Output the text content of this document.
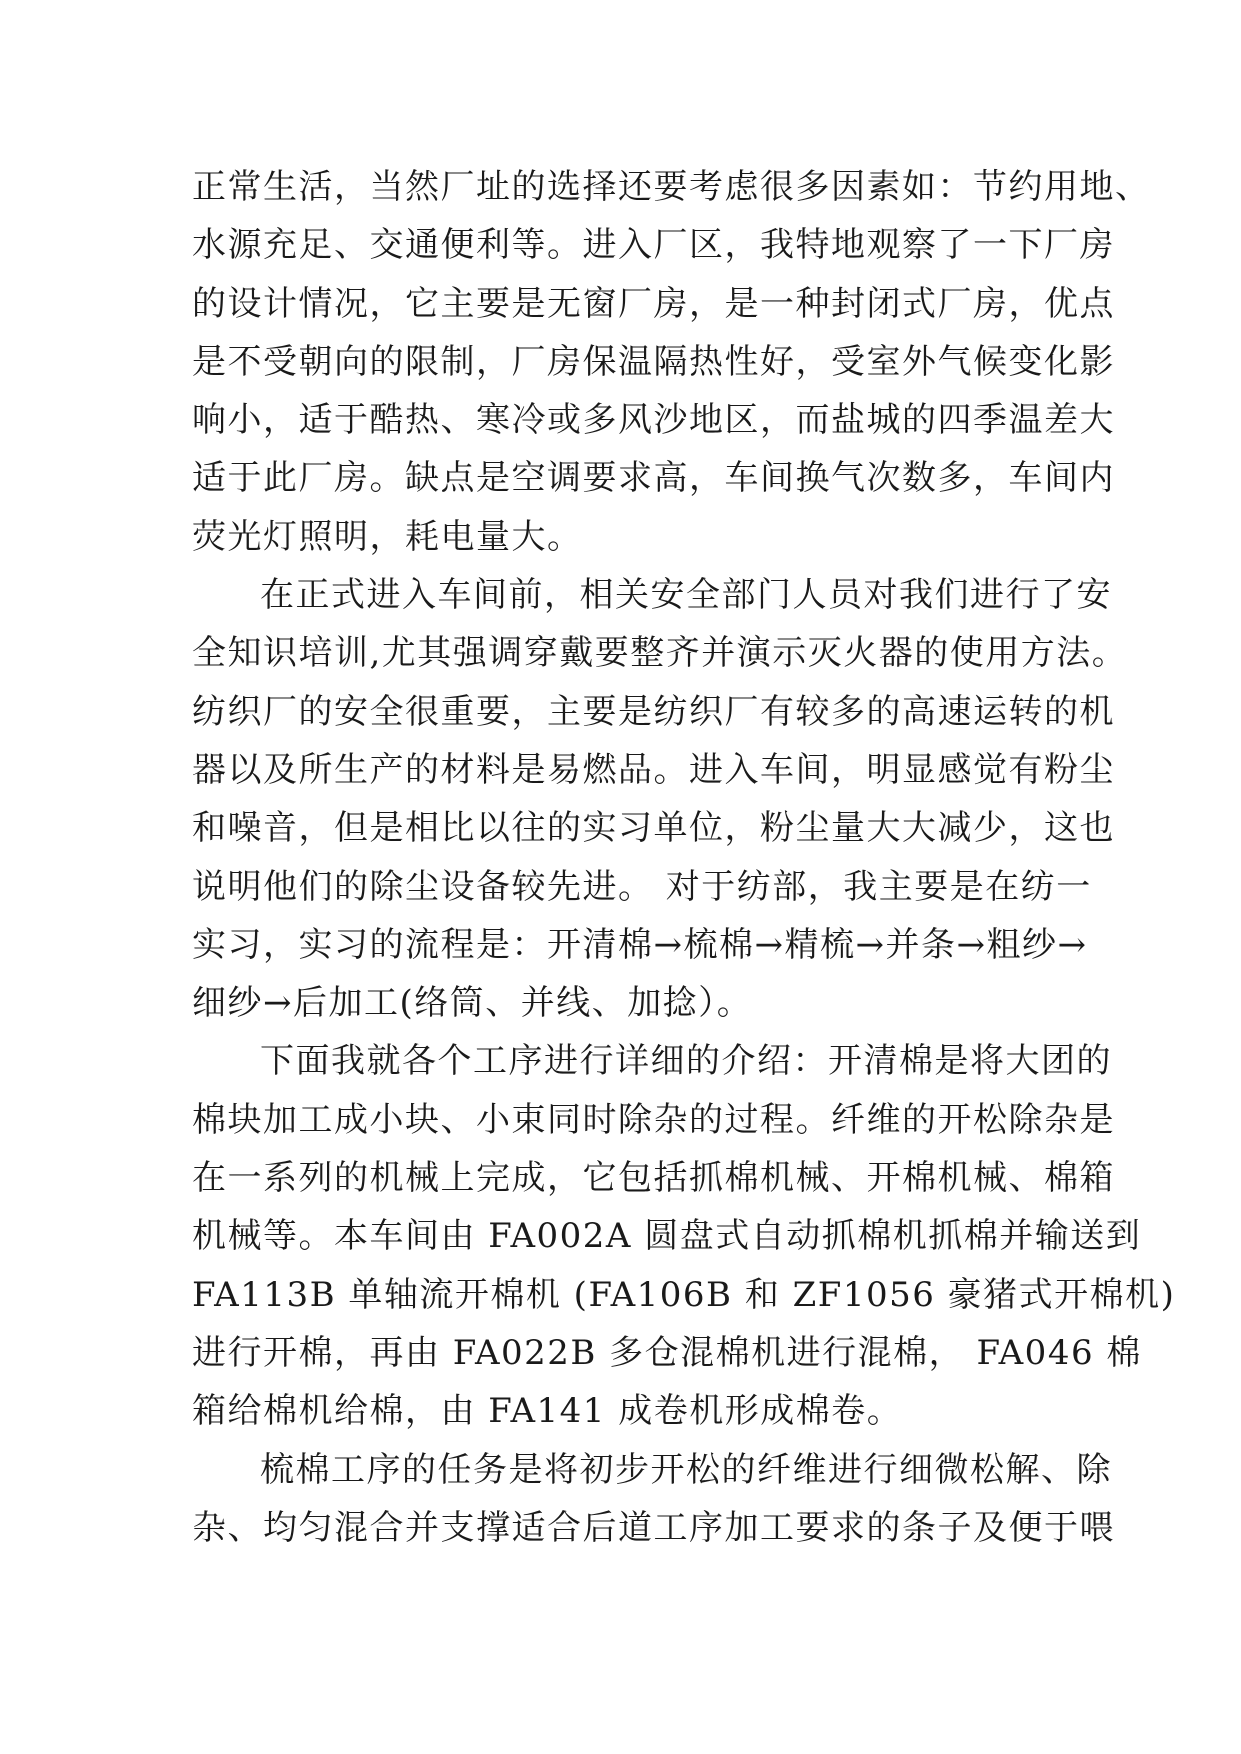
正常生活，当然厂址的选择还要考虑很多因素如：节约用地、
水源充足、交通便利等。进入厂区，我特地观察了一下厂房
的设计情况，它主要是无窗厂房，是一种封闭式厂房，优点
是不受朝向的限制，厂房保温隔热性好，受室外气候变化影
响小，适于酷热、寒冷或多风沙地区，而盐城的四季温差大
适于此厂房。缺点是空调要求高，车间换气次数多，车间内
荧光灯照明，耗电量大。
在正式进入车间前，相关安全部门人员对我们进行了安
全知识培训,尤其强调穿戴要整齐并演示灭火器的使用方法。
纺织厂的安全很重要，主要是纺织厂有较多的高速运转的机
器以及所生产的材料是易燃品。进入车间，明显感觉有粉尘
和噪音，但是相比以往的实习单位，粉尘量大大减少，这也
说明他们的除尘设备较先进。 对于纺部，我主要是在纺一
实习，实习的流程是：开清棉→梳棉→精梳→并条→粗纱→
细纱→后加工(络筒、并线、加捻）。
下面我就各个工序进行详细的介绍：开清棉是将大团的
棉块加工成小块、小束同时除杂的过程。纤维的开松除杂是
在一系列的机械上完成，它包括抓棉机械、开棉机械、棉箱
机械等。本车间由 FA002A 圆盘式自动抓棉机抓棉并输送到
FA113B 单轴流开棉机 (FA106B 和 ZF1056 豪猪式开棉机)
进行开棉，再由 FA022B 多仓混棉机进行混棉， FA046 棉
箱给棉机给棉，由 FA141 成卷机形成棉卷。
梳棉工序的任务是将初步开松的纤维进行细微松解、除
杂、均匀混合并支撑适合后道工序加工要求的条子及便于喂
